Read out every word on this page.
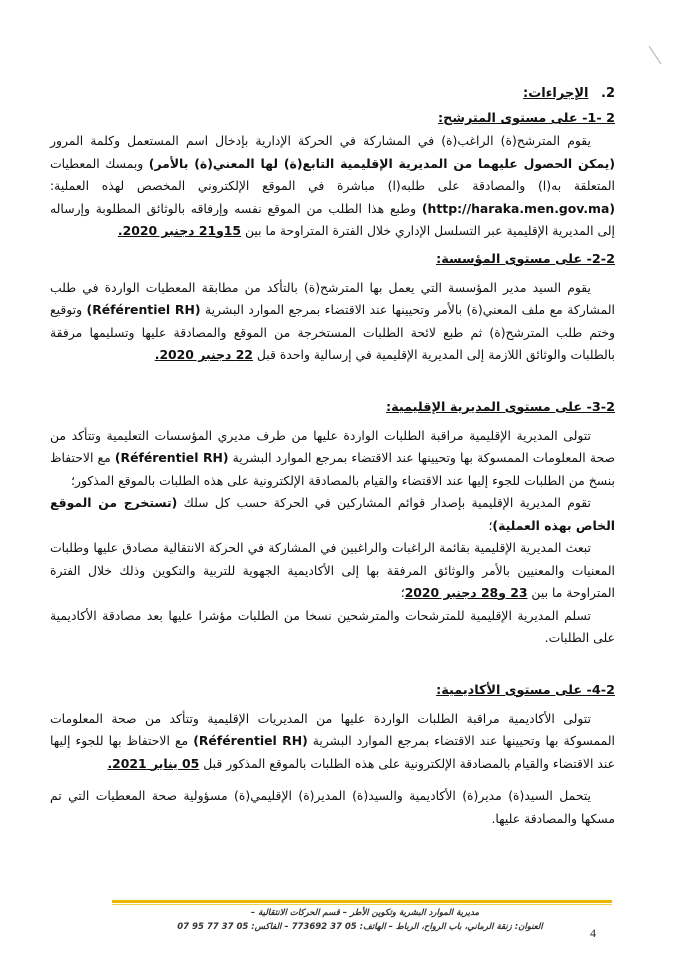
2. الإجراءات:

2 -1- على مستوى المترشح:

يقوم المترشح(ة) الراغب(ة) في المشاركة في الحركة الإدارية بإدخال اسم المستعمل وكلمة المرور (يمكن الحصول عليهما من المديرية الإقليمية التابع(ة) لها المعني(ة) بالأمر) وبمسك المعطيات المتعلقة به(ا) والمصادقة على طلبه(ا) مباشرة في الموقع الإلكتروني المخصص لهذه العملية: (http://haraka.men.gov.ma) وطبع هذا الطلب من الموقع نفسه وإرفاقه بالوثائق المطلوبة وإرساله إلى المديرية الإقليمية عبر التسلسل الإداري خلال الفترة المتراوحة ما بين 15و21 دجنبر 2020.

2-2- على مستوى المؤسسة:

يقوم السيد مدير المؤسسة التي يعمل بها المترشح(ة) بالتأكد من مطابقة المعطيات الواردة في طلب المشاركة مع ملف المعني(ة) بالأمر وتحيينها عند الاقتضاء بمرجع الموارد البشرية (Référentiel RH) وتوقيع وختم طلب المترشح(ة) ثم طبع لائحة الطلبات المستخرجة من الموقع والمصادقة عليها وتسليمها مرفقة بالطلبات والوثائق اللازمة إلى المديرية الإقليمية في إرسالية واحدة قبل 22 دجنبر 2020.

3-2- على مستوى المديرية الإقليمية:

تتولى المديرية الإقليمية مراقبة الطلبات الواردة عليها من طرف مديري المؤسسات التعليمية وتتأكد من صحة المعلومات الممسوكة بها وتحيينها عند الاقتضاء بمرجع الموارد البشرية (Référentiel RH) مع الاحتفاظ بنسخ من الطلبات للجوء إليها عند الاقتضاء والقيام بالمصادقة الإلكترونية على هذه الطلبات بالموقع المذكور؛

تقوم المديرية الإقليمية بإصدار قوائم المشاركين في الحركة حسب كل سلك (تستخرج من الموقع الخاص بهذه العملية)؛

تبعث المديرية الإقليمية بقائمة الراغبات والراغبين في المشاركة في الحركة الانتقالية مصادق عليها وطلبات المعنيات والمعنيين بالأمر والوثائق المرفقة بها إلى الأكاديمية الجهوية للتربية والتكوين وذلك خلال الفترة المتراوحة ما بين 23 و28 دجنبر 2020؛

تسلم المديرية الإقليمية للمترشحات والمترشحين نسخا من الطلبات مؤشرا عليها بعد مصادقة الأكاديمية على الطلبات.

4-2- على مستوى الأكاديمية:

تتولى الأكاديمية مراقبة الطلبات الواردة عليها من المديريات الإقليمية وتتأكد من صحة المعلومات الممسوكة بها وتحيينها عند الاقتضاء بمرجع الموارد البشرية (Référentiel RH) مع الاحتفاظ بها للجوء إليها عند الاقتضاء والقيام بالمصادقة الإلكترونية على هذه الطلبات بالموقع المذكور قبل 05 يناير 2021.

يتحمل السيد(ة) مدير(ة) الأكاديمية والسيد(ة) المدير(ة) الإقليمي(ة) مسؤولية صحة المعطيات التي تم مسكها والمصادقة عليها.

مديرية الموارد البشرية وتكوين الأطر – قسم الحركات الانتقالية –
العنوان: زنقة الرماني، باب الرواح، الرباط – الهاتف: 05 37 773692 – الفاكس: 05 37 77 95 07	4
